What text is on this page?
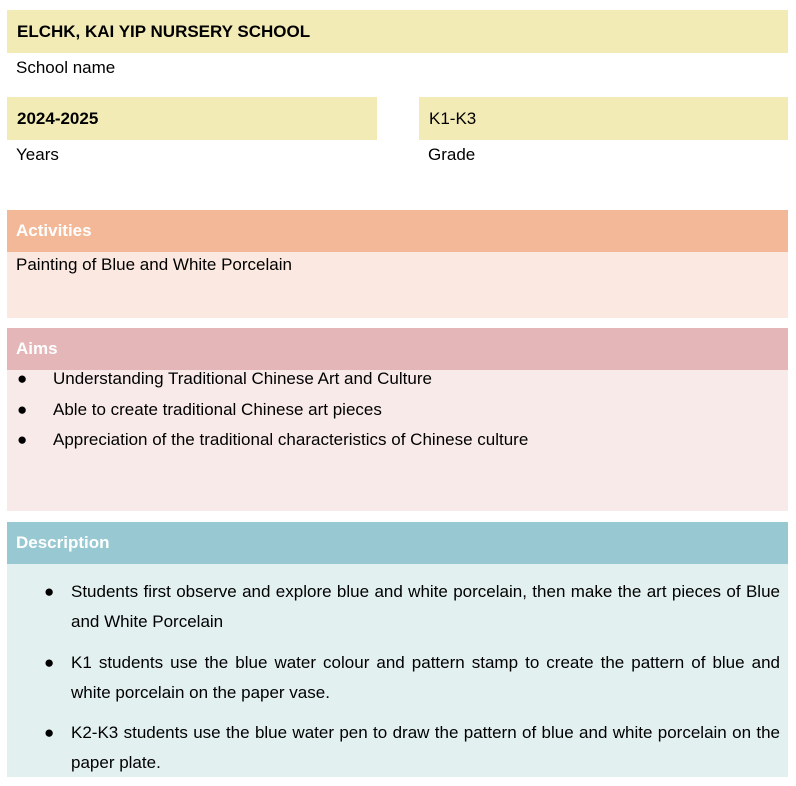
ELCHK, KAI YIP NURSERY SCHOOL
School name
2024-2025
Years
K1-K3
Grade
Activities
Painting of Blue and White Porcelain
Aims
● Understanding Traditional Chinese Art and Culture
● Able to create traditional Chinese art pieces
● Appreciation of the traditional characteristics of Chinese culture
Description
● Students first observe and explore blue and white porcelain, then make the art pieces of Blue and White Porcelain
● K1 students use the blue water colour and pattern stamp to create the pattern of blue and white porcelain on the paper vase.
● K2-K3 students use the blue water pen to draw the pattern of blue and white porcelain on the paper plate.
